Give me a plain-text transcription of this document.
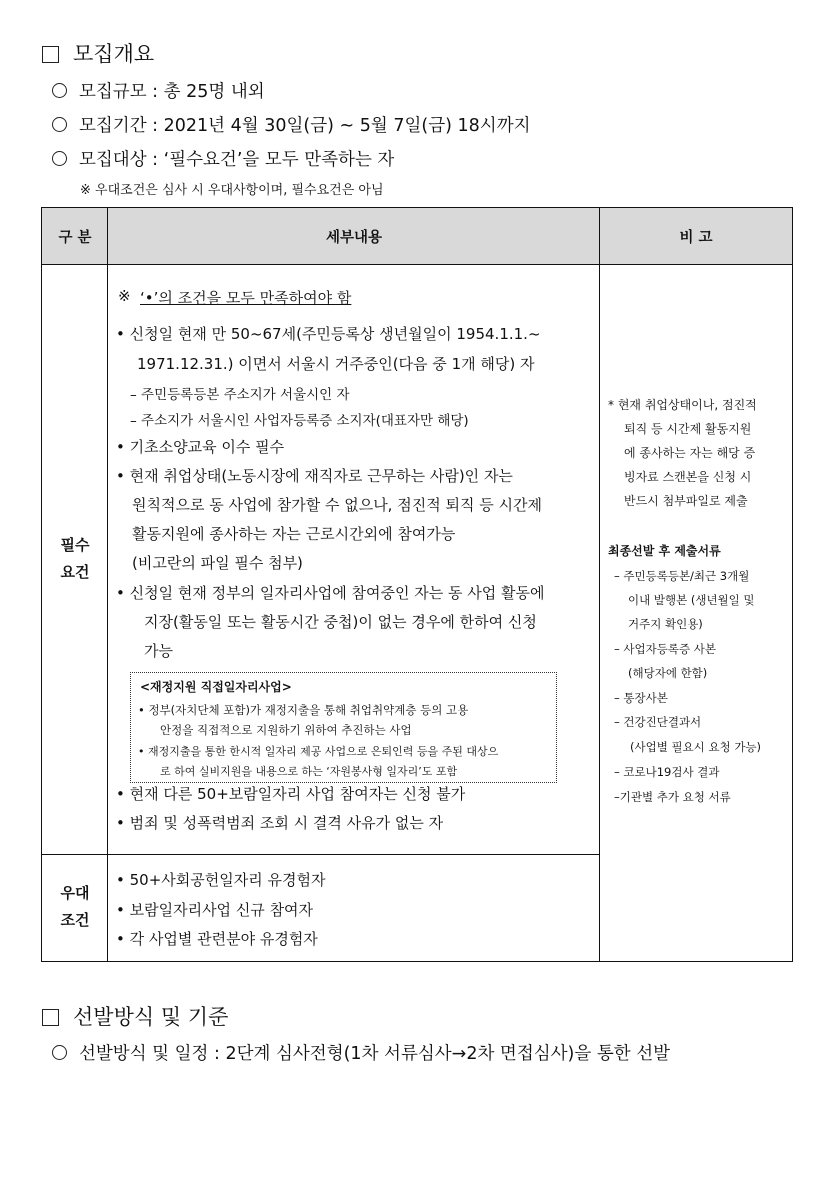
모집개요
모집규모 : 총 25명 내외
모집기간 : 2021년 4월 30일(금) ~ 5월 7일(금) 18시까지
모집대상 : ‘필수요건’을 모두 만족하는 자
※ 우대조건은 심사 시 우대사항이며, 필수요건은 아님
구 분	세부내용	비 고
필수
요건
우대
조건
※ ‘•’의 조건을 모두 만족하여야 함
• 신청일 현재 만 50~67세(주민등록상 생년월일이 1954.1.1.~
1971.12.31.) 이면서 서울시 거주중인(다음 중 1개 해당) 자
– 주민등록등본 주소지가 서울시인 자
– 주소지가 서울시인 사업자등록증 소지자(대표자만 해당)
• 기초소양교육 이수 필수
• 현재 취업상태(노동시장에 재직자로 근무하는 사람)인 자는
원칙적으로 동 사업에 참가할 수 없으나, 점진적 퇴직 등 시간제
활동지원에 종사하는 자는 근로시간외에 참여가능
(비고란의 파일 필수 첨부)
• 신청일 현재 정부의 일자리사업에 참여중인 자는 동 사업 활동에
지장(활동일 또는 활동시간 중첩)이 없는 경우에 한하여 신청
가능
<재정지원 직접일자리사업>
• 정부(자치단체 포함)가 재정지출을 통해 취업취약계층 등의 고용
안정을 직접적으로 지원하기 위하여 추진하는 사업
• 재정지출을 통한 한시적 일자리 제공 사업으로 은퇴인력 등을 주된 대상으
로 하여 실비지원을 내용으로 하는 ‘자원봉사형 일자리’도 포함
• 현재 다른 50+보람일자리 사업 참여자는 신청 불가
• 범죄 및 성폭력범죄 조회 시 결격 사유가 없는 자
• 50+사회공헌일자리 유경험자
• 보람일자리사업 신규 참여자
• 각 사업별 관련분야 유경험자
* 현재 취업상태이나, 점진적
퇴직 등 시간제 활동지원
에 종사하는 자는 해당 증
빙자료 스캔본을 신청 시
반드시 첨부파일로 제출
최종선발 후 제출서류
– 주민등록등본/최근 3개월
이내 발행본 (생년월일 및
거주지 확인용)
– 사업자등록증 사본
(해당자에 한함)
– 통장사본
– 건강진단결과서
(사업별 필요시 요청 가능)
– 코로나19검사 결과
–기관별 추가 요청 서류
선발방식 및 기준
선발방식 및 일정 : 2단계 심사전형(1차 서류심사→2차 면접심사)을 통한 선발
